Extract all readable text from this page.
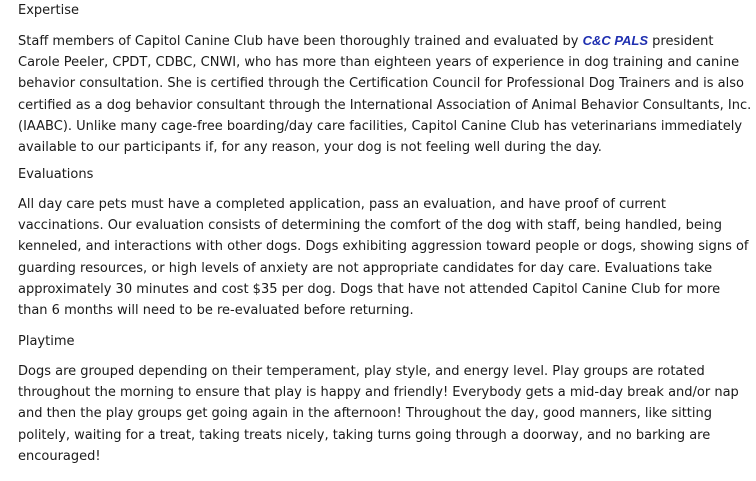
Expertise

Staff members of Capitol Canine Club have been thoroughly trained and evaluated by C&C PALS president Carole Peeler, CPDT, CDBC, CNWI, who has more than eighteen years of experience in dog training and canine behavior consultation. She is certified through the Certification Council for Professional Dog Trainers and is also certified as a dog behavior consultant through the International Association of Animal Behavior Consultants, Inc. (IAABC). Unlike many cage-free boarding/day care facilities, Capitol Canine Club has veterinarians immediately available to our participants if, for any reason, your dog is not feeling well during the day.

Evaluations

All day care pets must have a completed application, pass an evaluation, and have proof of current vaccinations. Our evaluation consists of determining the comfort of the dog with staff, being handled, being kenneled, and interactions with other dogs. Dogs exhibiting aggression toward people or dogs, showing signs of guarding resources, or high levels of anxiety are not appropriate candidates for day care. Evaluations take approximately 30 minutes and cost $35 per dog. Dogs that have not attended Capitol Canine Club for more than 6 months will need to be re-evaluated before returning.

Playtime

Dogs are grouped depending on their temperament, play style, and energy level. Play groups are rotated throughout the morning to ensure that play is happy and friendly! Everybody gets a mid-day break and/or nap and then the play groups get going again in the afternoon! Throughout the day, good manners, like sitting politely, waiting for a treat, taking treats nicely, taking turns going through a doorway, and no barking are encouraged!
